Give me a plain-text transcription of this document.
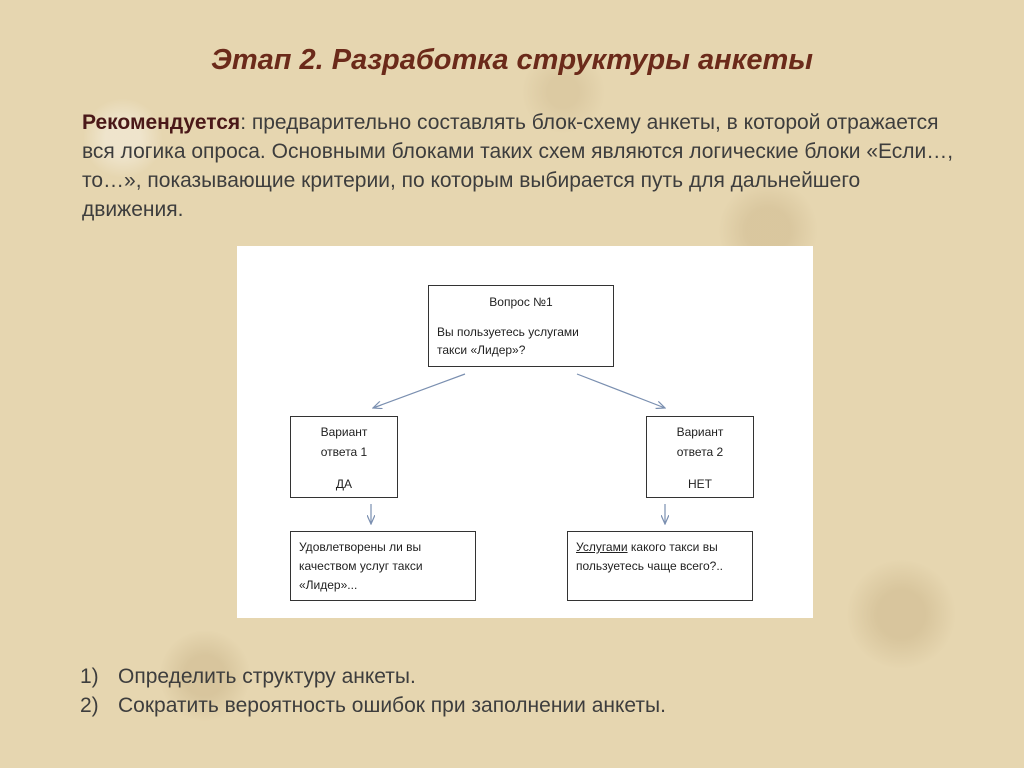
Этап 2. Разработка структуры анкеты

Рекомендуется: предварительно составлять блок-схему анкеты, в которой отражается вся логика опроса. Основными блоками таких схем являются логические блоки «Если…, то…», показывающие критерии, по которым выбирается путь для дальнейшего движения.

Вопрос №1
Вы пользуетесь услугами
такси «Лидер»?
Вариант
ответа 1
ДА
Вариант
ответа 2
НЕТ
Удовлетворены ли вы
качеством услуг такси
«Лидер»...
Услугами какого такси вы
пользуетесь чаще всего?..
1) Определить структуру анкеты.
2) Сократить вероятность ошибок при заполнении анкеты.
